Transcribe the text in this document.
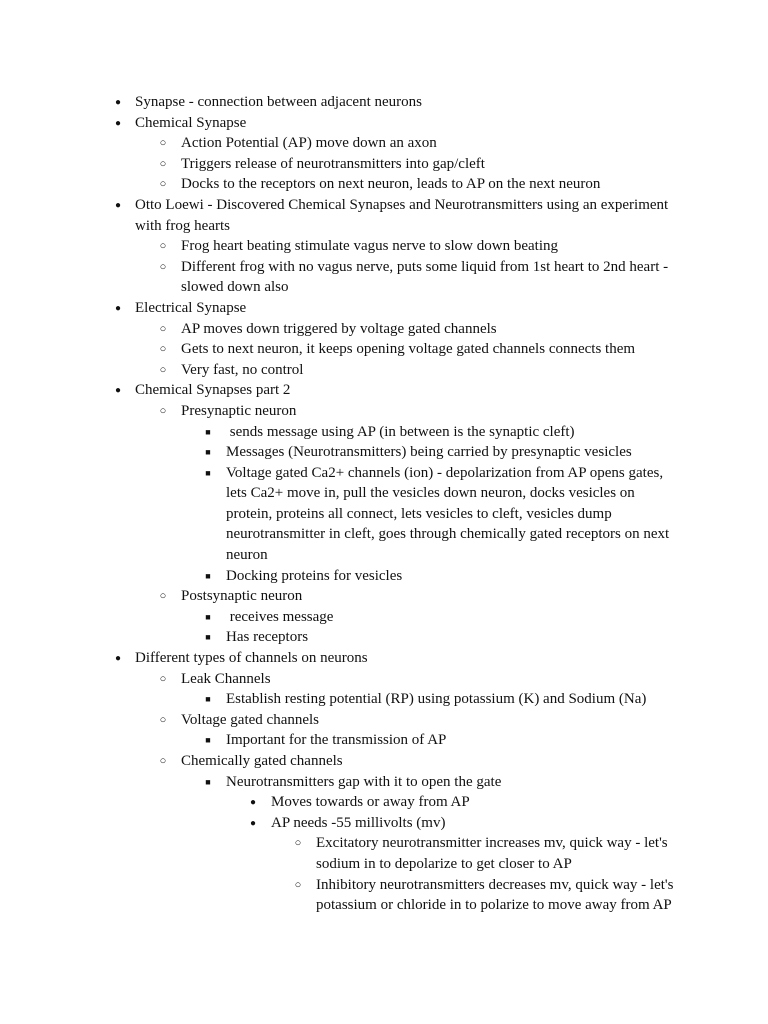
●
Synapse - connection between adjacent neurons
●
Chemical Synapse
○
Action Potential (AP) move down an axon
○
Triggers release of neurotransmitters into gap/cleft
○
Docks to the receptors on next neuron, leads to AP on the next neuron
●
Otto Loewi - Discovered Chemical Synapses and Neurotransmitters using an experiment with frog hearts
○
Frog heart beating stimulate vagus nerve to slow down beating
○
Different frog with no vagus nerve, puts some liquid from 1st heart to 2nd heart - slowed down also
●
Electrical Synapse
○
AP moves down triggered by voltage gated channels
○
Gets to next neuron, it keeps opening voltage gated channels connects them
○
Very fast, no control
●
Chemical Synapses part 2
○
Presynaptic neuron
■
sends message using AP (in between is the synaptic cleft)
■
Messages (Neurotransmitters) being carried by presynaptic vesicles
■
Voltage gated Ca2+ channels (ion) - depolarization from AP opens gates, lets Ca2+ move in, pull the vesicles down neuron, docks vesicles on protein, proteins all connect, lets vesicles to cleft, vesicles dump neurotransmitter in cleft, goes through chemically gated receptors on next neuron
■
Docking proteins for vesicles
○
Postsynaptic neuron
■
receives message
■
Has receptors
●
Different types of channels on neurons
○
Leak Channels
■
Establish resting potential (RP) using potassium (K) and Sodium (Na)
○
Voltage gated channels
■
Important for the transmission of AP
○
Chemically gated channels
■
Neurotransmitters gap with it to open the gate
●
Moves towards or away from AP
●
AP needs -55 millivolts (mv)
○
Excitatory neurotransmitter increases mv, quick way - let's sodium in to depolarize to get closer to AP
○
Inhibitory neurotransmitters decreases mv, quick way - let's potassium or chloride in to polarize to move away from AP
